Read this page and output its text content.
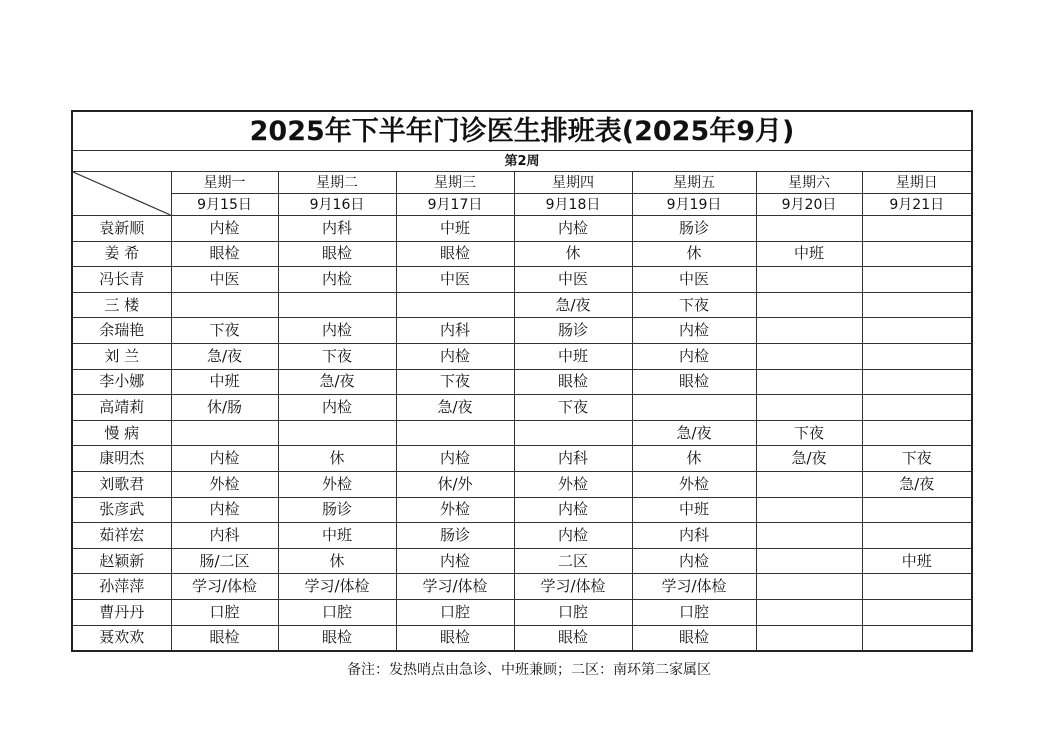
2025年下半年门诊医生排班表(2025年9月)							
第2周							

	星期一	星期二	星期三	星期四	星期五	星期六	星期日
	9月15日	9月16日	9月17日	9月18日	9月19日	9月20日	9月21日
袁新顺	内检	内科	中班	内检	肠诊		
姜 希	眼检	眼检	眼检	休	休	中班	
冯长青	中医	内检	中医	中医	中医		
三 楼				急/夜	下夜		
余瑞艳	下夜	内检	内科	肠诊	内检		
刘 兰	急/夜	下夜	内检	中班	内检		
李小娜	中班	急/夜	下夜	眼检	眼检		
高靖莉	休/肠	内检	急/夜	下夜			
慢 病					急/夜	下夜	
康明杰	内检	休	内检	内科	休	急/夜	下夜
刘歌君	外检	外检	休/外	外检	外检		急/夜
张彦武	内检	肠诊	外检	内检	中班		
茹祥宏	内科	中班	肠诊	内检	内科		
赵颖新	肠/二区	休	内检	二区	内检		中班
孙萍萍	学习/体检	学习/体检	学习/体检	学习/体检	学习/体检		
曹丹丹	口腔	口腔	口腔	口腔	口腔		
聂欢欢	眼检	眼检	眼检	眼检	眼检		
备注：发热哨点由急诊、中班兼顾；二区：南环第二家属区
